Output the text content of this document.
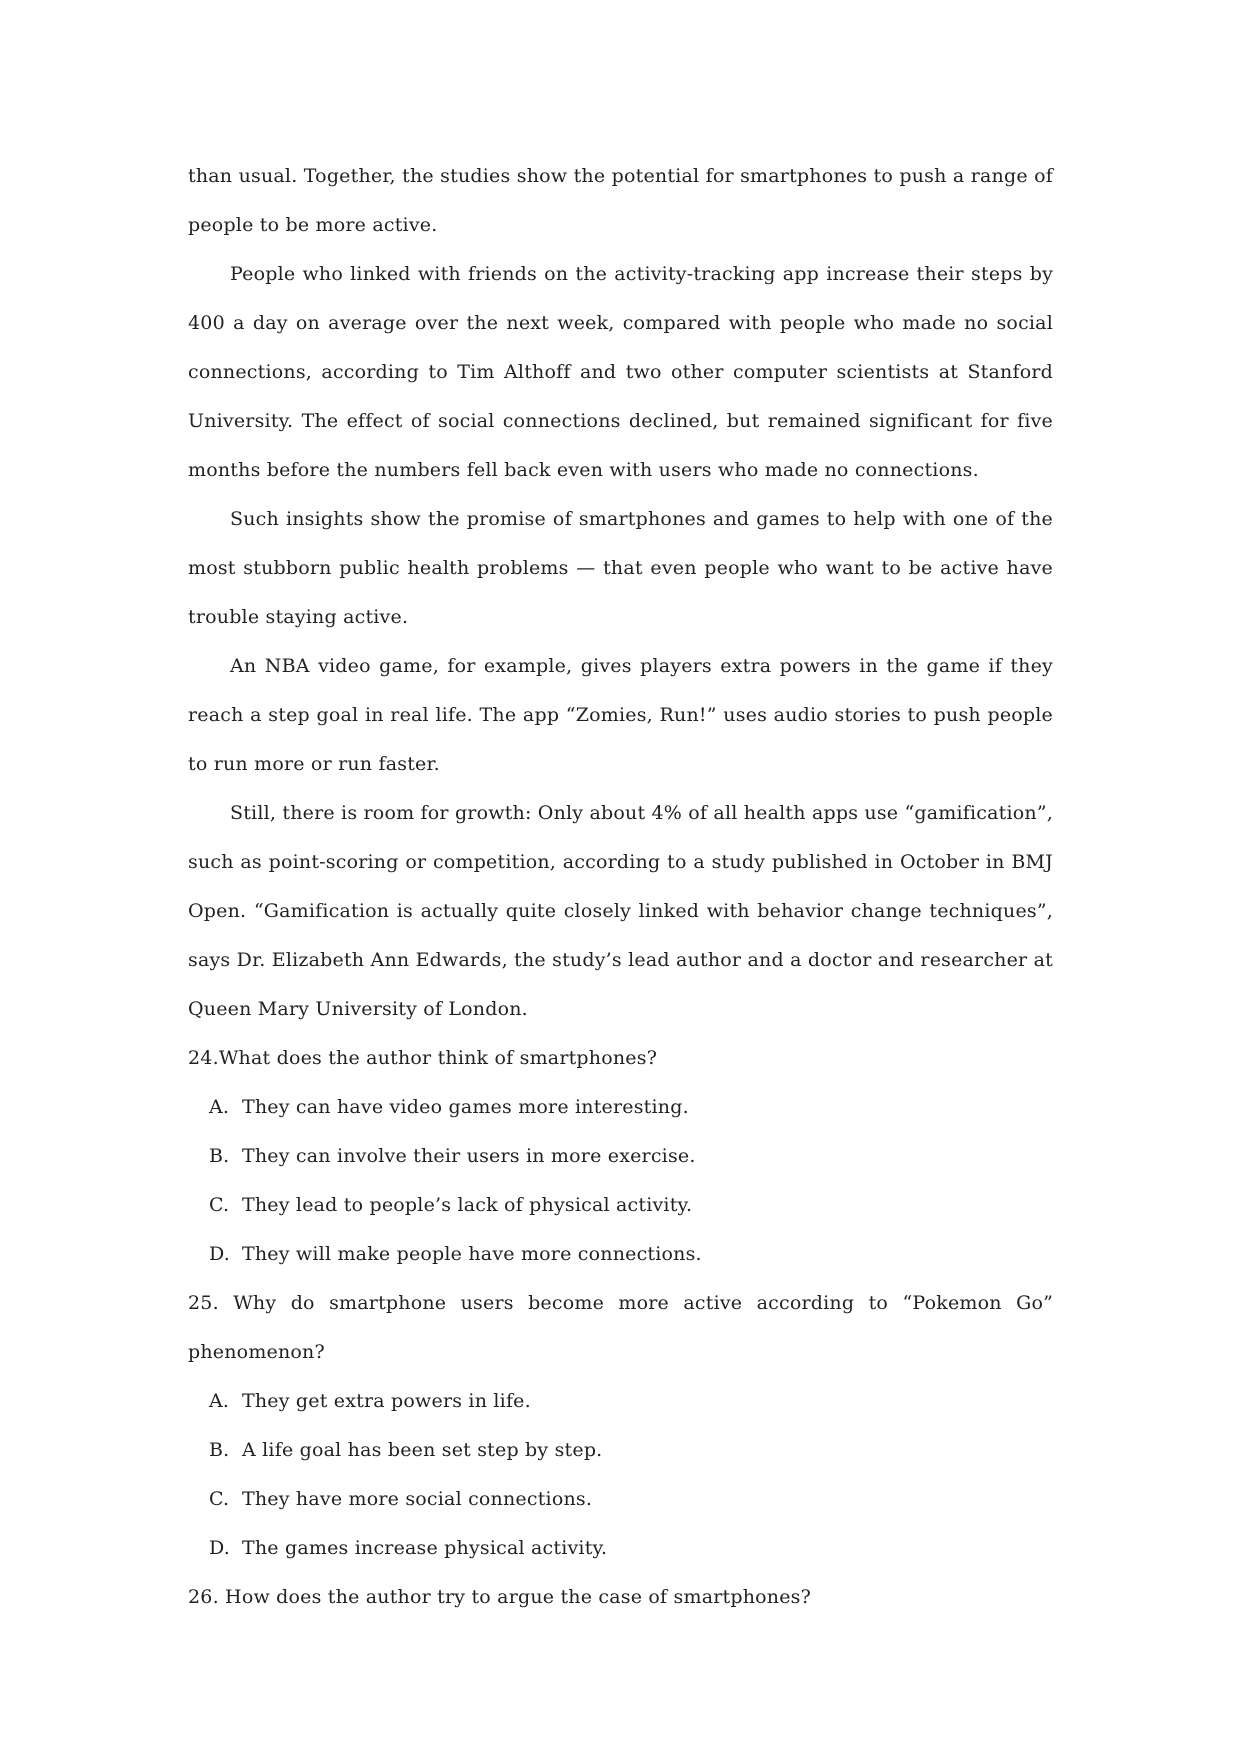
than usual. Together, the studies show the potential for smartphones to push a range of people to be more active.

People who linked with friends on the activity-tracking app increase their steps by 400 a day on average over the next week, compared with people who made no social connections, according to Tim Althoff and two other computer scientists at Stanford University. The effect of social connections declined, but remained significant for five months before the numbers fell back even with users who made no connections.

Such insights show the promise of smartphones and games to help with one of the most stubborn public health problems — that even people who want to be active have trouble staying active.

An NBA video game, for example, gives players extra powers in the game if they reach a step goal in real life. The app “Zomies, Run!” uses audio stories to push people to run more or run faster.

Still, there is room for growth: Only about 4% of all health apps use “gamification”, such as point-scoring or competition, according to a study published in October in BMJ Open. “Gamification is actually quite closely linked with behavior change techniques”, says Dr. Elizabeth Ann Edwards, the study’s lead author and a doctor and researcher at Queen Mary University of London.

24.What does the author think of smartphones?

A. They can have video games more interesting.

B. They can involve their users in more exercise.

C. They lead to people’s lack of physical activity.

D. They will make people have more connections.

25. Why do smartphone users become more active according to “Pokemon Go” phenomenon?

A. They get extra powers in life.

B. A life goal has been set step by step.

C. They have more social connections.

D. The games increase physical activity.

26. How does the author try to argue the case of smartphones?
